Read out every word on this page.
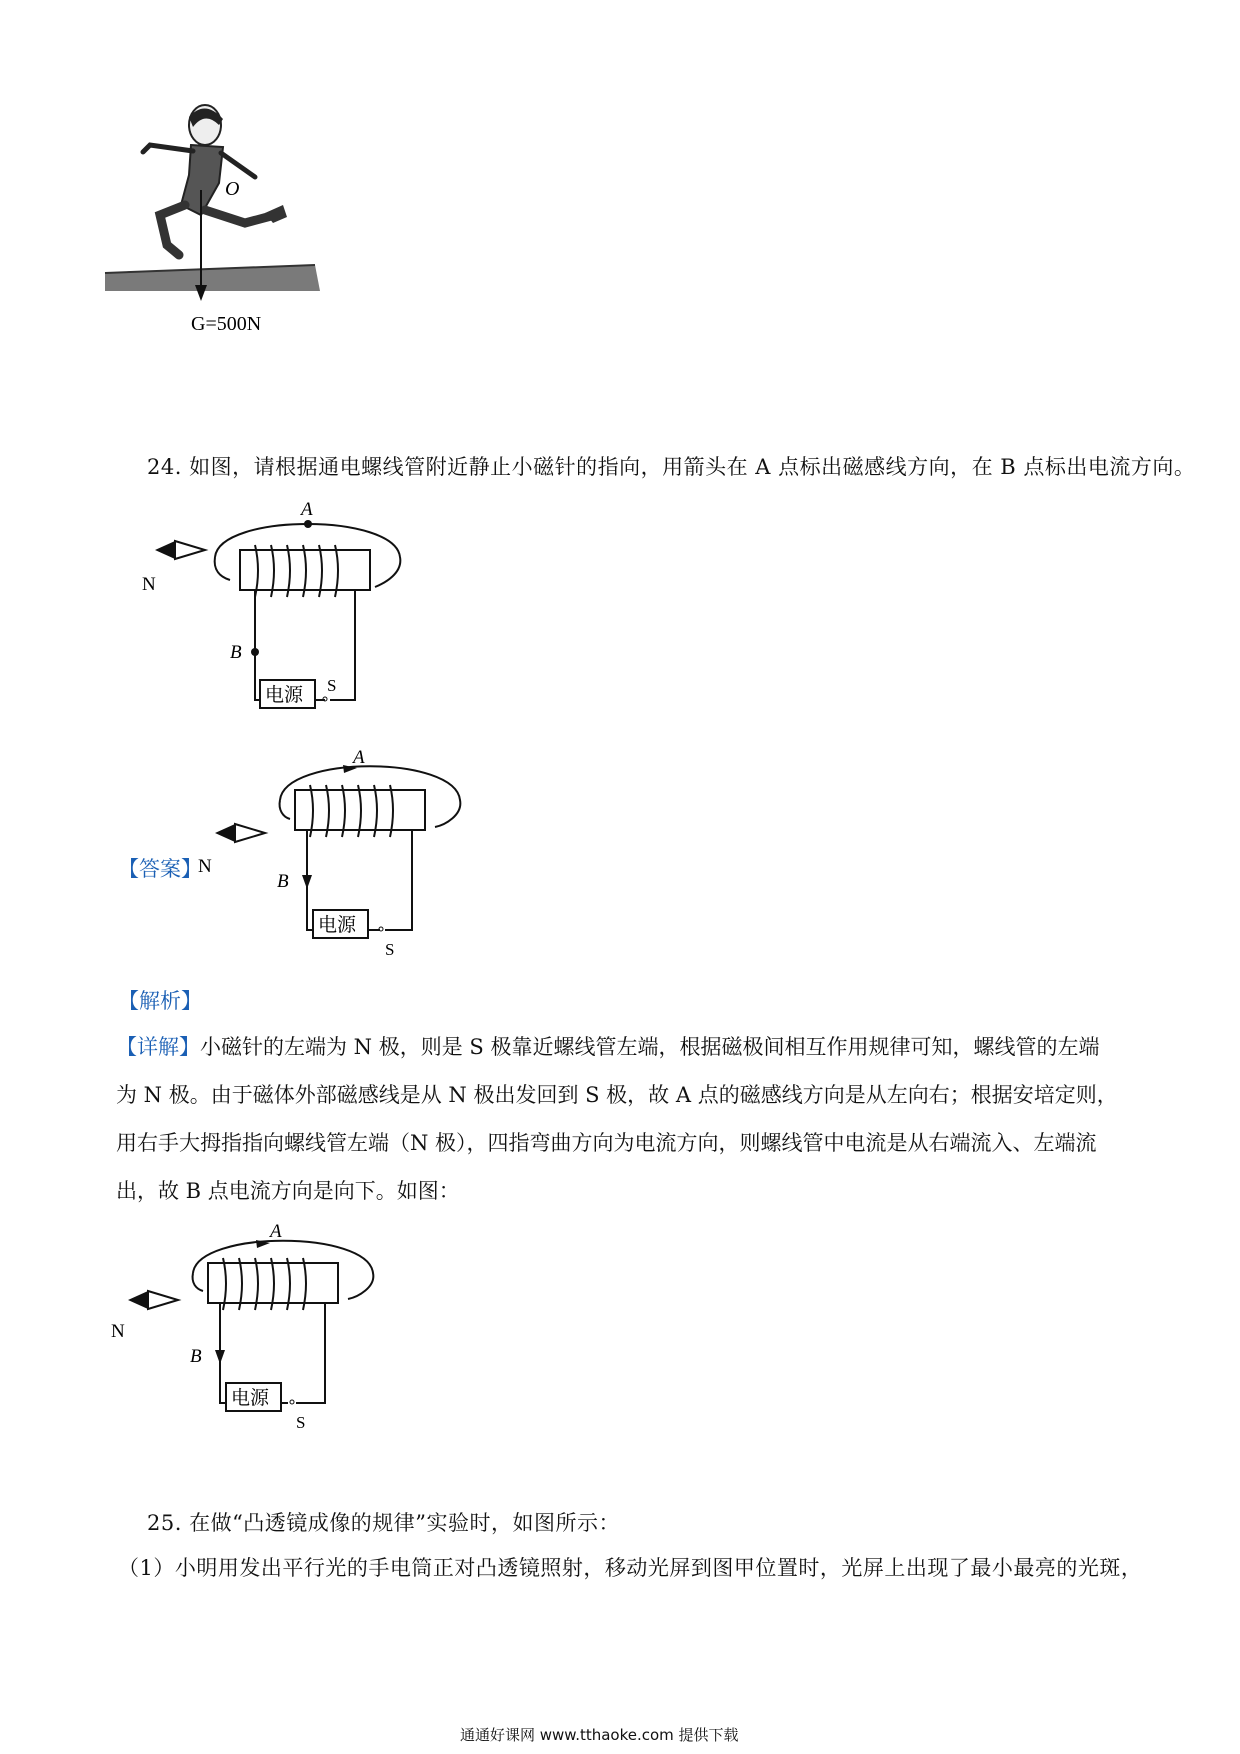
O
G=500N
24. 如图，请根据通电螺线管附近静止小磁针的指向，用箭头在 A 点标出磁感线方向，在 B 点标出电流方向。
A
B
电源 S
N
【答案】
N
A
B
电源
S
【解析】
【详解】小磁针的左端为 N 极，则是 S 极靠近螺线管左端，根据磁极间相互作用规律可知，螺线管的左端
为 N 极。由于磁体外部磁感线是从 N 极出发回到 S 极，故 A 点的磁感线方向是从左向右；根据安培定则，
用右手大拇指指向螺线管左端（N 极），四指弯曲方向为电流方向，则螺线管中电流是从右端流入、左端流
出，故 B 点电流方向是向下。如图：
N
A
B
电源
S
25. 在做“凸透镜成像的规律”实验时，如图所示：
（1）小明用发出平行光的手电筒正对凸透镜照射，移动光屏到图甲位置时，光屏上出现了最小最亮的光斑，
通通好课网 www.tthaoke.com 提供下载
